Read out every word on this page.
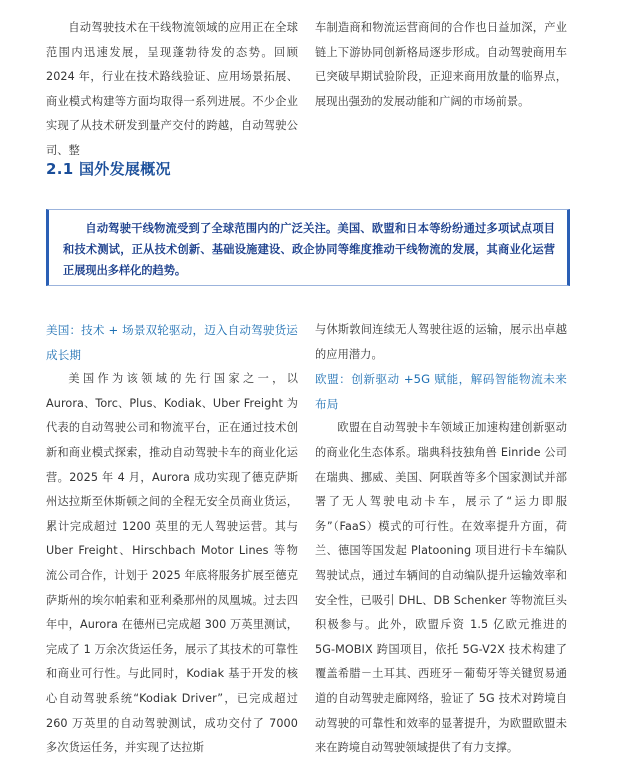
自动驾驶技术在干线物流领域的应用正在全球范围内迅速发展，呈现蓬勃待发的态势。回顾 2024 年，行业在技术路线验证、应用场景拓展、商业模式构建等方面均取得一系列进展。不少企业实现了从技术研发到量产交付的跨越，自动驾驶公司、整

车制造商和物流运营商间的合作也日益加深，产业链上下游协同创新格局逐步形成。自动驾驶商用车已突破早期试验阶段，正迎来商用放量的临界点，展现出强劲的发展动能和广阔的市场前景。

2.1 国外发展概况

自动驾驶干线物流受到了全球范围内的广泛关注。美国、欧盟和日本等纷纷通过多项试点项目和技术测试，正从技术创新、基础设施建设、政企协同等维度推动干线物流的发展，其商业化运营正展现出多样化的趋势。

美国：技术 + 场景双轮驱动，迈入自动驾驶货运成长期

美国作为该领域的先行国家之一，以 Aurora、Torc、Plus、Kodiak、Uber Freight 为代表的自动驾驶公司和物流平台，正在通过技术创新和商业模式探索，推动自动驾驶卡车的商业化运营。2025 年 4 月，Aurora 成功实现了德克萨斯州达拉斯至休斯顿之间的全程无安全员商业货运，累计完成超过 1200 英里的无人驾驶运营。其与 Uber Freight、Hirschbach Motor Lines 等物流公司合作，计划于 2025 年底将服务扩展至德克萨斯州的埃尔帕索和亚利桑那州的凤凰城。过去四年中，Aurora 在德州已完成超 300 万英里测试，完成了 1 万余次货运任务，展示了其技术的可靠性和商业可行性。与此同时，Kodiak 基于开发的核心自动驾驶系统“Kodiak Driver”，已完成超过 260 万英里的自动驾驶测试，成功交付了 7000 多次货运任务，并实现了达拉斯

与休斯敦间连续无人驾驶往返的运输，展示出卓越的应用潜力。

欧盟：创新驱动 +5G 赋能，解码智能物流未来布局

欧盟在自动驾驶卡车领域正加速构建创新驱动的商业化生态体系。瑞典科技独角兽 Einride 公司在瑞典、挪威、美国、阿联酋等多个国家测试并部署了无人驾驶电动卡车，展示了“运力即服务”（FaaS）模式的可行性。在效率提升方面，荷兰、德国等国发起 Platooning 项目进行卡车编队驾驶试点，通过车辆间的自动编队提升运输效率和安全性，已吸引 DHL、DB Schenker 等物流巨头积极参与。此外，欧盟斥资 1.5 亿欧元推进的 5G-MOBIX 跨国项目，依托 5G-V2X 技术构建了覆盖希腊－土耳其、西班牙－葡萄牙等关键贸易通道的自动驾驶走廊网络，验证了 5G 技术对跨境自动驾驶的可靠性和效率的显著提升，为欧盟欧盟未来在跨境自动驾驶领域提供了有力支撑。
